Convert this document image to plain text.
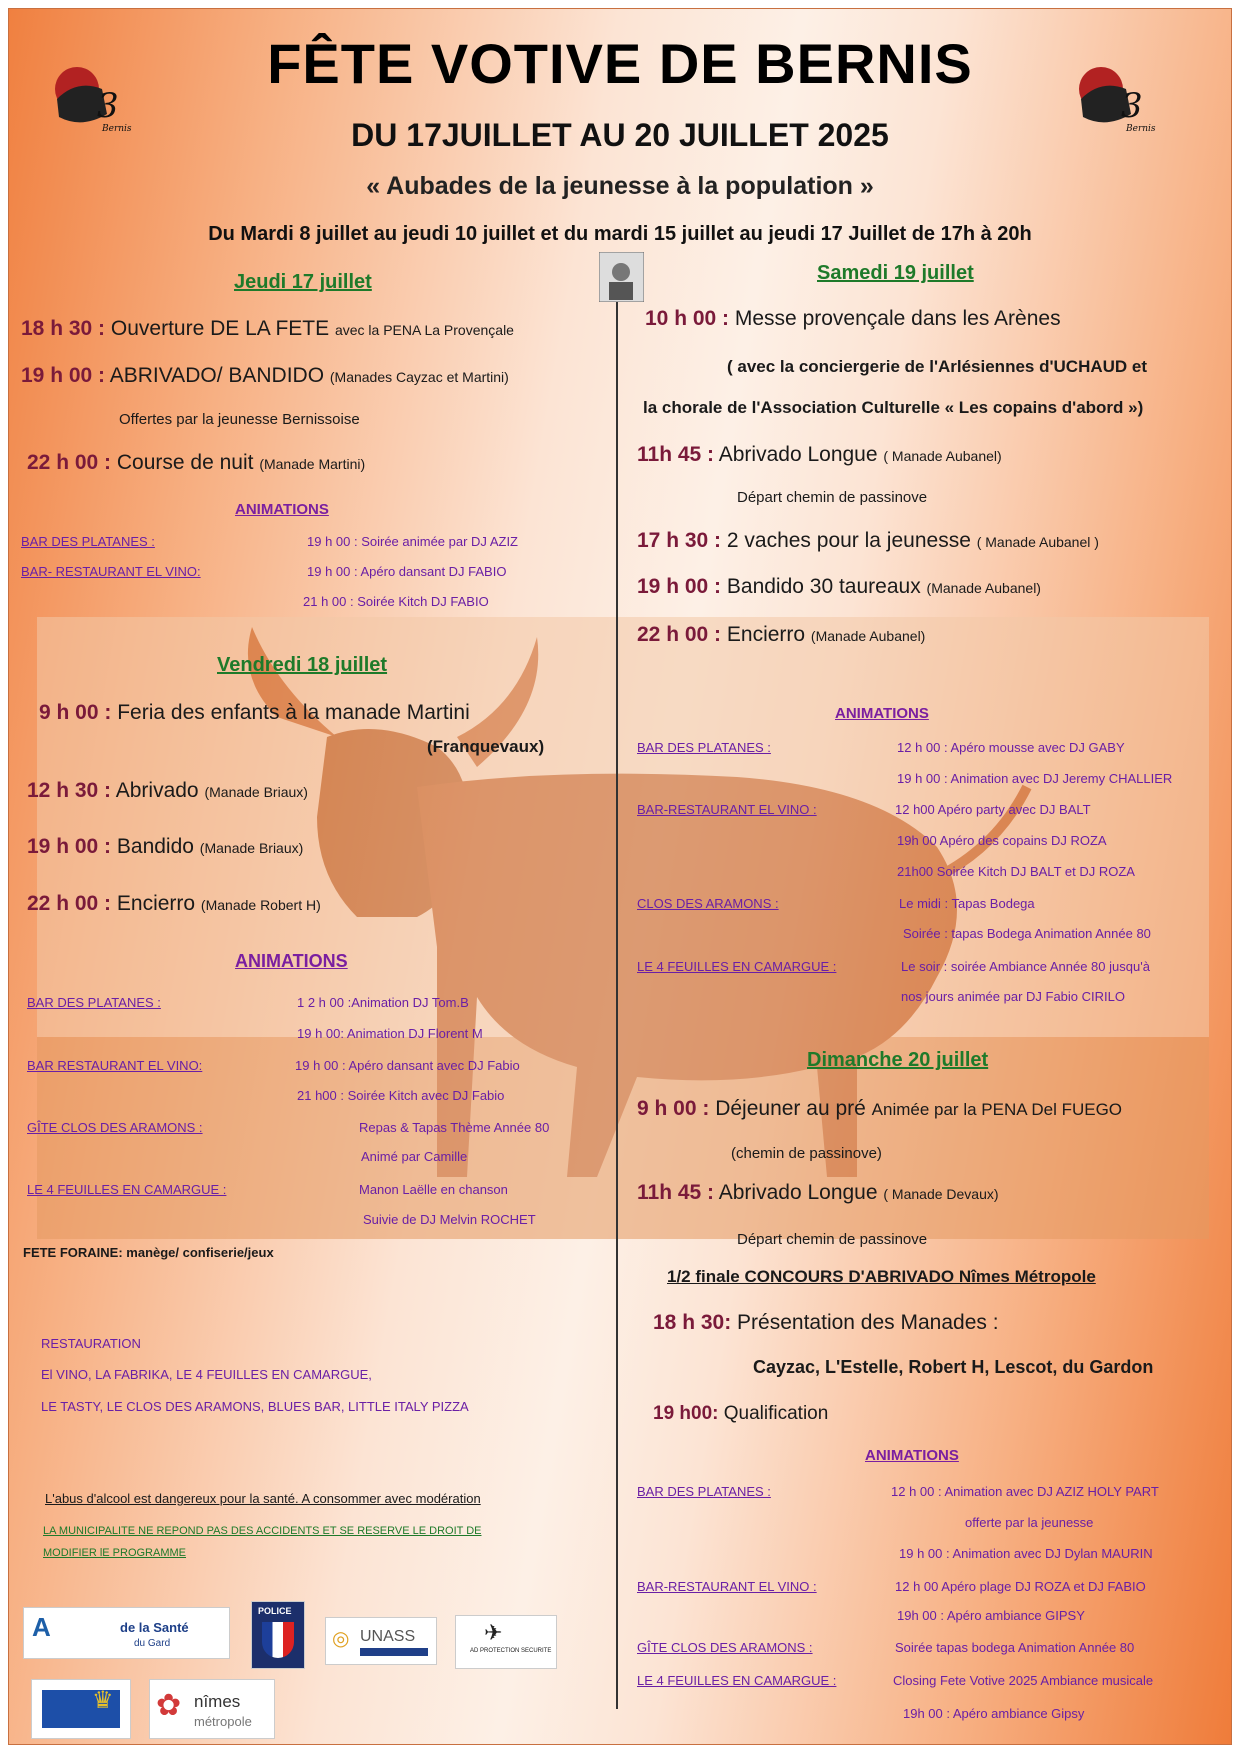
3
Bernis
3
Bernis
FÊTE VOTIVE DE BERNIS
DU 17JUILLET AU 20 JUILLET 2025
« Aubades de la jeunesse à la population »
Du Mardi 8 juillet au jeudi 10 juillet et du mardi 15 juillet au jeudi 17 Juillet de 17h à 20h
Jeudi 17 juillet
18 h 30 : Ouverture DE LA FETE avec la PENA La Provençale
19 h 00 : ABRIVADO/ BANDIDO (Manades Cayzac et Martini)
Offertes par la jeunesse Bernissoise
22 h 00 : Course de nuit (Manade Martini)
ANIMATIONS
BAR DES PLATANES :	19 h 00 : Soirée animée par DJ AZIZ
BAR- RESTAURANT EL VINO:	19 h 00 : Apéro dansant DJ FABIO
21 h 00 : Soirée Kitch DJ FABIO
Vendredi 18 juillet
9 h 00 : Feria des enfants à la manade Martini
(Franquevaux)
12 h 30 : Abrivado (Manade Briaux)
19 h 00 : Bandido (Manade Briaux)
22 h 00 : Encierro (Manade Robert H)
ANIMATIONS
BAR DES PLATANES :	1 2 h 00 :Animation DJ Tom.B
19 h 00: Animation DJ Florent M
BAR RESTAURANT EL VINO:	19 h 00 : Apéro dansant avec DJ Fabio
21 h00 : Soirée Kitch avec DJ Fabio
GÎTE CLOS DES ARAMONS :	Repas & Tapas Thème Année 80
Animé par Camille
LE 4 FEUILLES EN CAMARGUE :	Manon Laëlle en chanson
Suivie de DJ Melvin ROCHET
FETE FORAINE: manège/ confiserie/jeux
RESTAURATION
El VINO, LA FABRIKA, LE 4 FEUILLES EN CAMARGUE,
LE TASTY, LE CLOS DES ARAMONS, BLUES BAR, LITTLE ITALY PIZZA
L'abus d'alcool est dangereux pour la santé. A consommer avec modération
LA MUNICIPALITE NE REPOND PAS DES ACCIDENTS ET SE RESERVE LE DROIT DE
MODIFIER lE PROGRAMME
A	de la Santé
du Gard
POLICE
◎ UNASS	✈
AD PROTECTION SECURITE
♛ ✿ nîmes
métropole
Samedi 19 juillet
10 h 00 : Messe provençale dans les Arènes
( avec la conciergerie de l'Arlésiennes d'UCHAUD et
la chorale de l'Association Culturelle « Les copains d'abord »)
11h 45 : Abrivado Longue ( Manade Aubanel)
Départ chemin de passinove
17 h 30 : 2 vaches pour la jeunesse ( Manade Aubanel )
19 h 00 : Bandido 30 taureaux (Manade Aubanel)
22 h 00 : Encierro (Manade Aubanel)
ANIMATIONS
BAR DES PLATANES :	12 h 00 : Apéro mousse avec DJ GABY
19 h 00 : Animation avec DJ Jeremy CHALLIER
BAR-RESTAURANT EL VINO :	12 h00 Apéro party avec DJ BALT
19h 00 Apéro des copains DJ ROZA
21h00 Soirée Kitch DJ BALT et DJ ROZA
CLOS DES ARAMONS :	Le midi : Tapas Bodega
Soirée : tapas Bodega Animation Année 80
LE 4 FEUILLES EN CAMARGUE :	Le soir : soirée Ambiance Année 80 jusqu'à
nos jours animée par DJ Fabio CIRILO
Dimanche 20 juillet
9 h 00 : Déjeuner au pré Animée par la PENA Del FUEGO
(chemin de passinove)
11h 45 : Abrivado Longue ( Manade Devaux)
Départ chemin de passinove
1/2 finale CONCOURS D'ABRIVADO Nîmes Métropole
18 h 30: Présentation des Manades :
Cayzac, L'Estelle, Robert H, Lescot, du Gardon
19 h00: Qualification
ANIMATIONS
BAR DES PLATANES :	12 h 00 : Animation avec DJ AZIZ HOLY PART
offerte par la jeunesse
19 h 00 : Animation avec DJ Dylan MAURIN
BAR-RESTAURANT EL VINO :	12 h 00 Apéro plage DJ ROZA et DJ FABIO
19h 00 : Apéro ambiance GIPSY
GÎTE CLOS DES ARAMONS :	Soirée tapas bodega Animation Année 80
LE 4 FEUILLES EN CAMARGUE :	Closing Fete Votive 2025 Ambiance musicale
19h 00 : Apéro ambiance Gipsy
